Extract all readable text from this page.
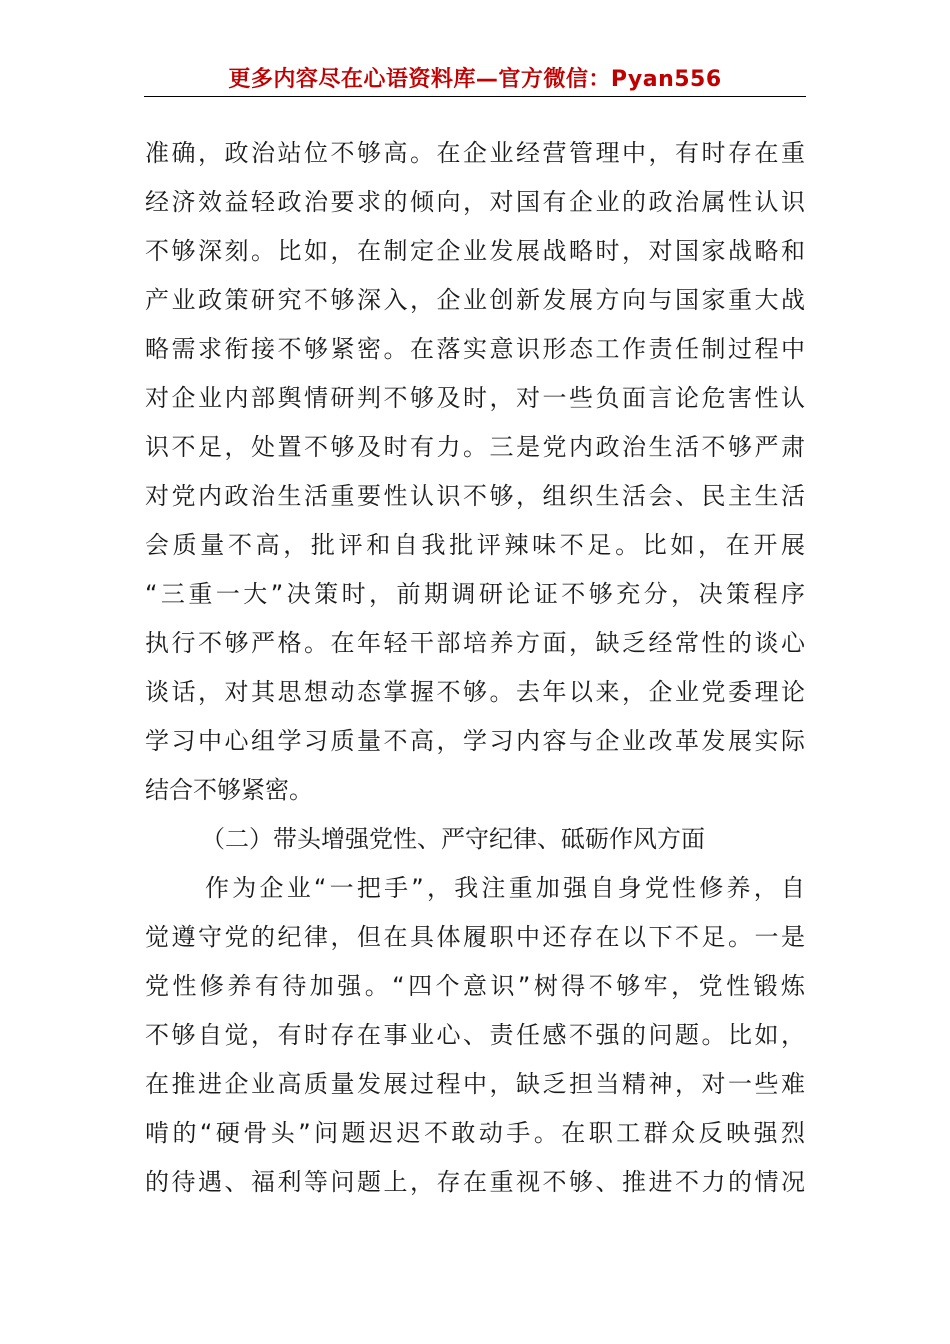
更多内容尽在心语资料库—官方微信：Pyan556
准确，政治站位不够高。在企业经营管理中，有时存在重
经济效益轻政治要求的倾向，对国有企业的政治属性认识
不够深刻。比如，在制定企业发展战略时，对国家战略和
产业政策研究不够深入，企业创新发展方向与国家重大战
略需求衔接不够紧密。在落实意识形态工作责任制过程中
对企业内部舆情研判不够及时，对一些负面言论危害性认
识不足，处置不够及时有力。三是党内政治生活不够严肃
对党内政治生活重要性认识不够，组织生活会、民主生活
会质量不高，批评和自我批评辣味不足。比如，在开展
“三重一大”决策时，前期调研论证不够充分，决策程序
执行不够严格。在年轻干部培养方面，缺乏经常性的谈心
谈话，对其思想动态掌握不够。去年以来，企业党委理论
学习中心组学习质量不高，学习内容与企业改革发展实际
结合不够紧密。
（二）带头增强党性、严守纪律、砥砺作风方面
作为企业“一把手”，我注重加强自身党性修养，自
觉遵守党的纪律，但在具体履职中还存在以下不足。一是
党性修养有待加强。“四个意识”树得不够牢，党性锻炼
不够自觉，有时存在事业心、责任感不强的问题。比如，
在推进企业高质量发展过程中，缺乏担当精神，对一些难
啃的“硬骨头”问题迟迟不敢动手。在职工群众反映强烈
的待遇、福利等问题上，存在重视不够、推进不力的情况
